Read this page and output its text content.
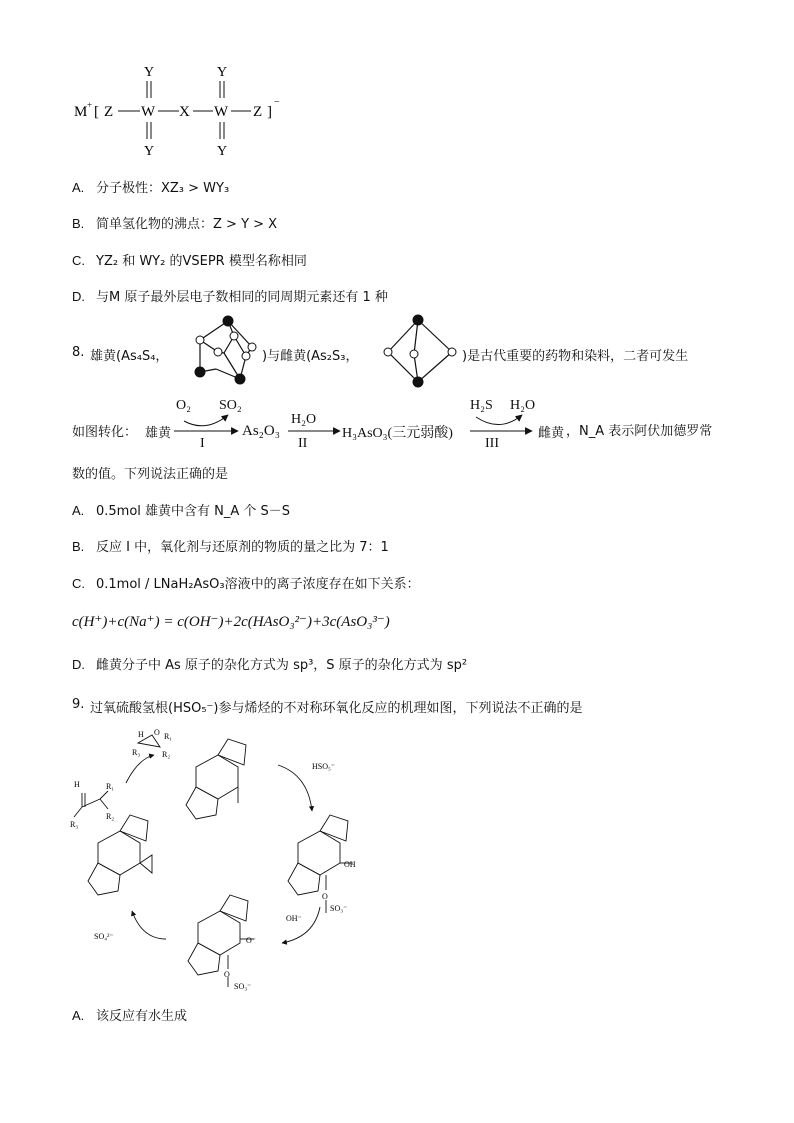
M + [ Z W X W Z ]
−
Y
Y
Y
Y
A. 分子极性：XZ₃ > WY₃
B. 简单氢化物的沸点：Z > Y > X
C. YZ₂ 和 WY₂ 的VSEPR 模型名称相同
D. 与M 原子最外层电子数相同的同周期元素还有 1 种
8. 雄黄(As₄S₄，	)与雌黄(As₂S₃，	)是古代重要的药物和染料，二者可发生
如图转化： 雄黄
O₂ SO₂
I
As₂O₃
H₂O
II
H₃AsO₃(三元弱酸)
H₂S H₂O
III
雌黄 ，N_A 表示阿伏加德罗常
数的值。下列说法正确的是
A. 0.5mol 雄黄中含有 N_A 个 S－S
B. 反应 I 中，氧化剂与还原剂的物质的量之比为 7：1
C. 0.1mol / LNaH₂AsO₃溶液中的离子浓度存在如下关系：
c(H⁺)+c(Na⁺) = c(OH⁻)+2c(HAsO₃²⁻)+3c(AsO₃³⁻)
D. 雌黄分子中 As 原子的杂化方式为 sp³，S 原子的杂化方式为 sp²
9. 过氧硫酸氢根(HSO₅⁻)参与烯烃的不对称环氧化反应的机理如图，下列说法不正确的是
H O R₁
R₃	R₂
H	R₁
R₃
R₂
HSO₅⁻
OH
O
SO₃⁻
OH⁻
O⁻
O
SO₃⁻
SO₄²⁻
A. 该反应有水生成
